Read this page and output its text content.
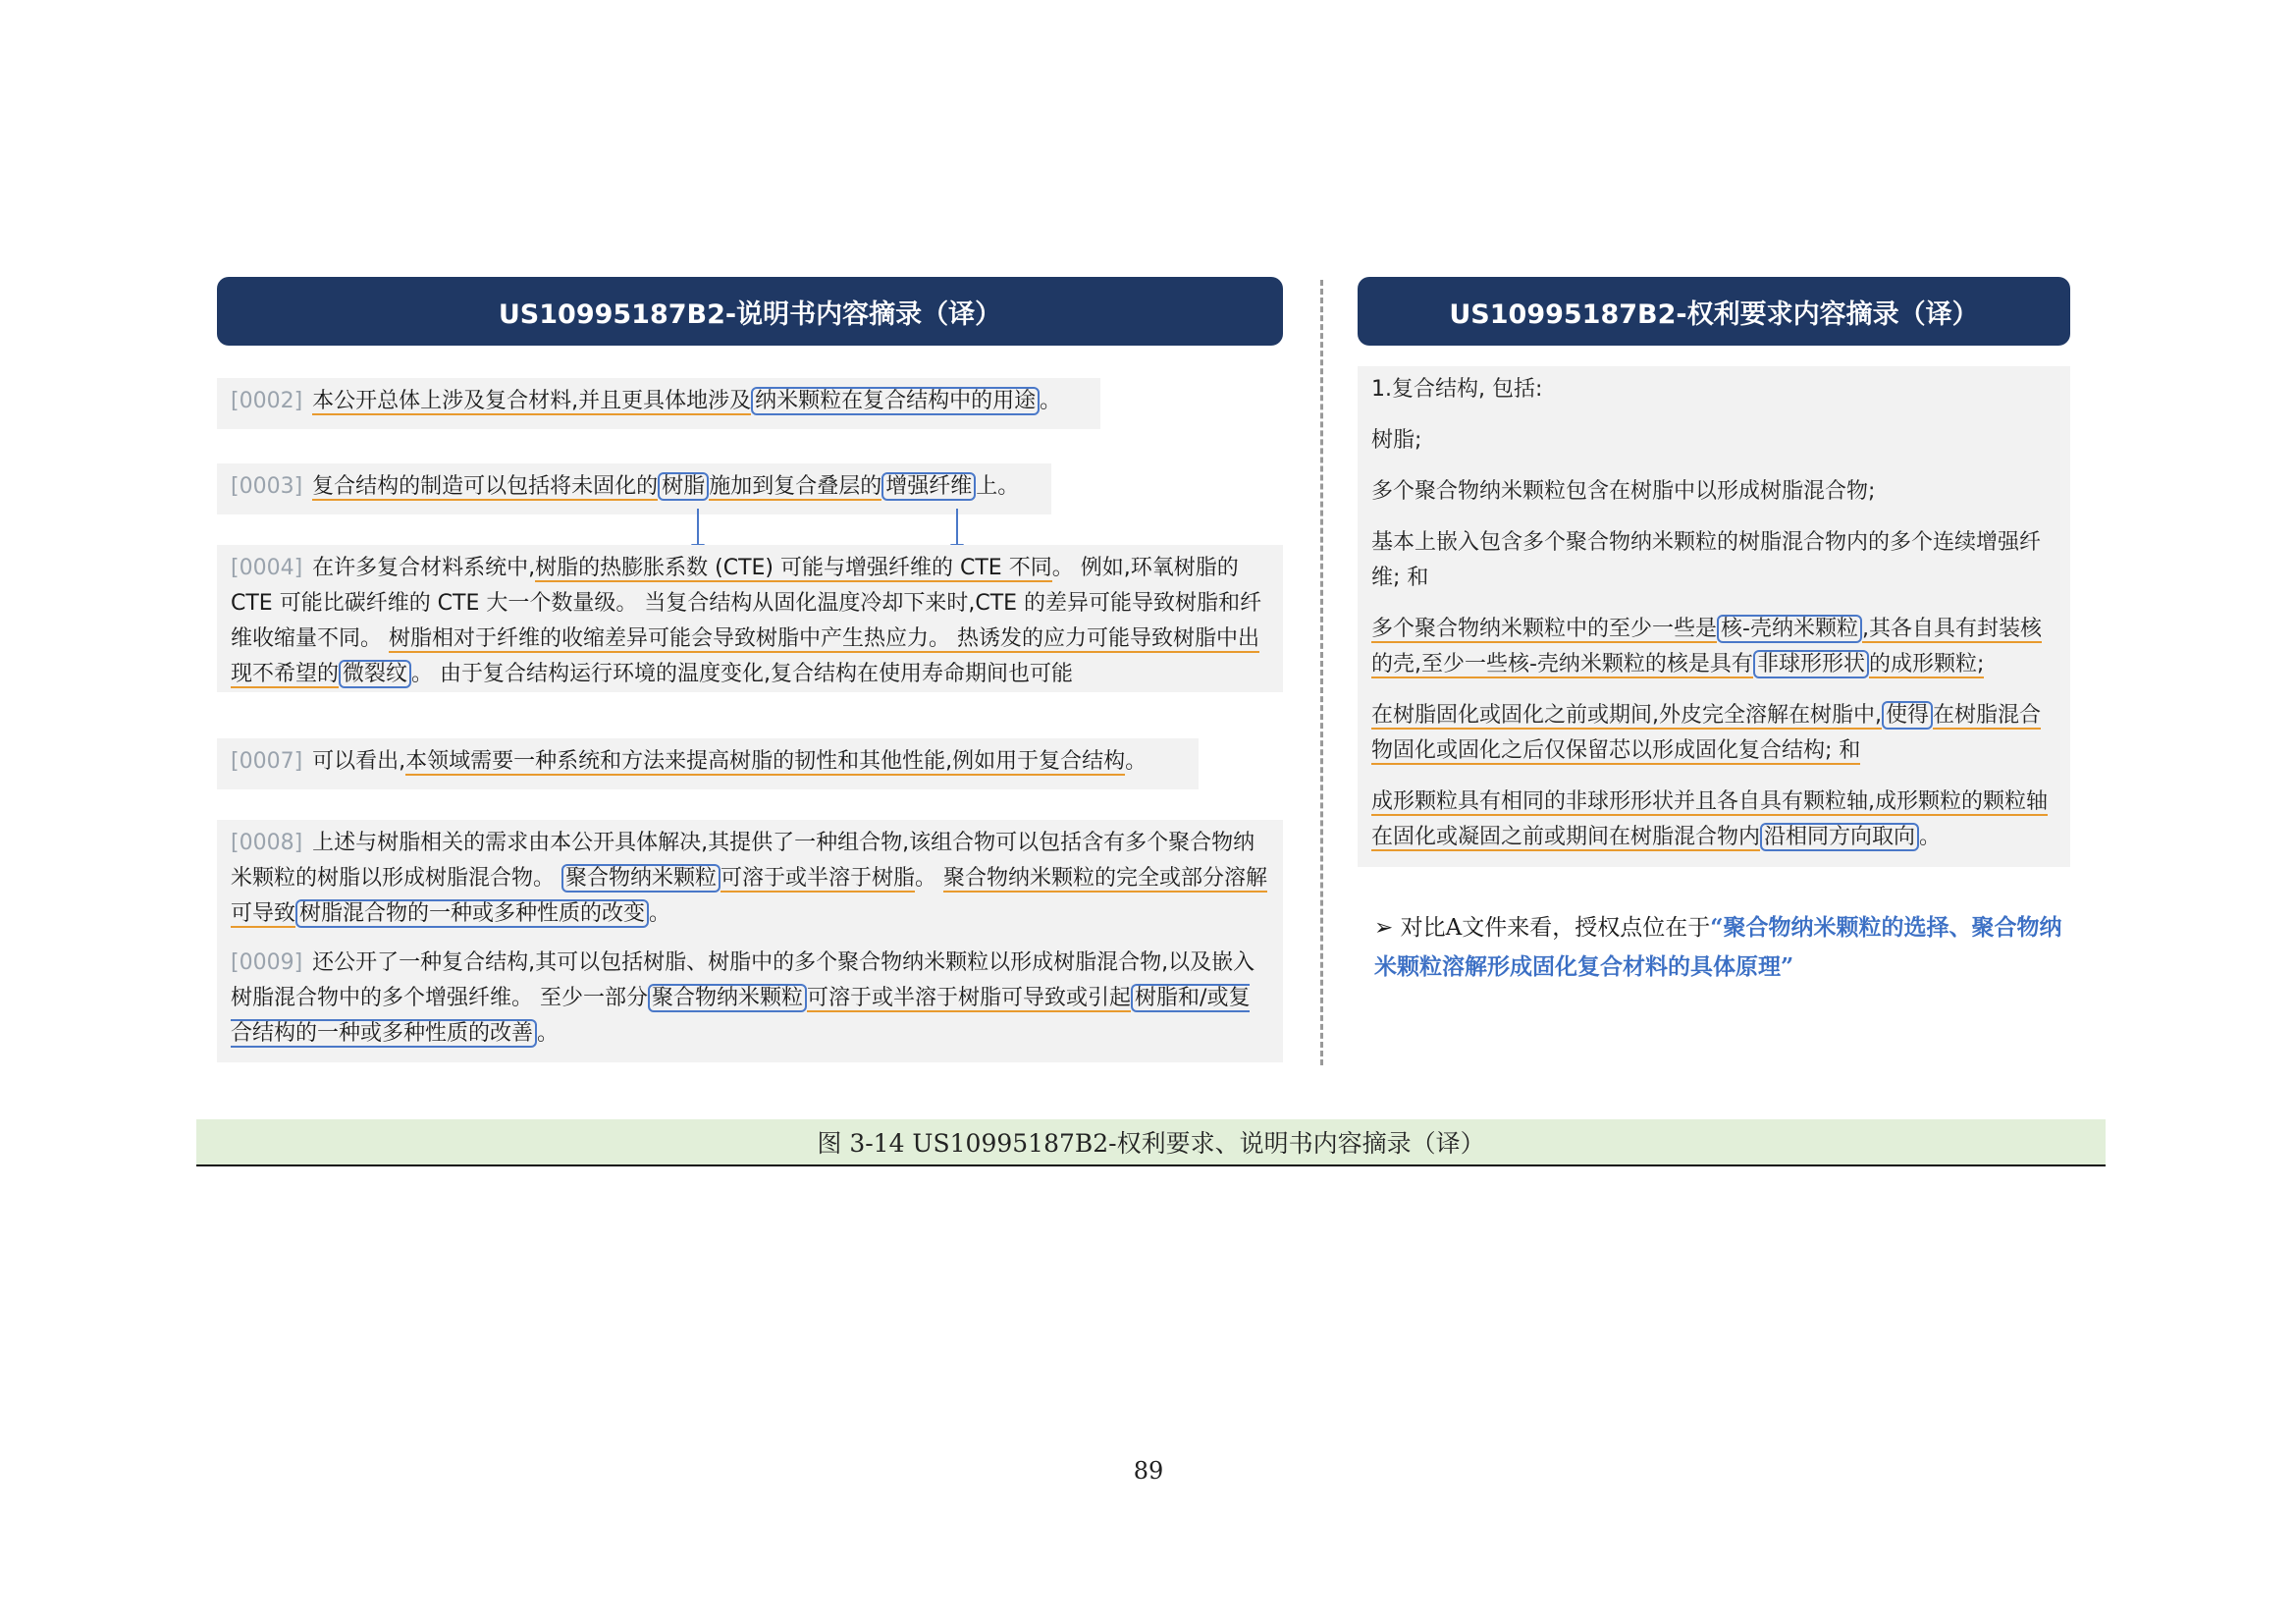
US10995187B2-说明书内容摘录（译）	US10995187B2-权利要求内容摘录（译）
[0002] 本公开总体上涉及复合材料,并且更具体地涉及 纳米颗粒在复合结构中的用途 。
[0003] 复合结构的制造可以包括将未固化的 树脂 施加到复合叠层的 增强纤维 上。
[0004] 在许多复合材料系统中,树脂的热膨胀系数 (CTE) 可能与增强纤维的 CTE 不同。 例如,环氧树脂的 CTE 可能比碳纤维的 CTE 大一个数量级。 当复合结构从固化温度冷却下来时,CTE 的差异可能导致树脂和纤维收缩量不同。 树脂相对于纤维的收缩差异可能会导致树脂中产生热应力。 热诱发的应力可能导致树脂中出现不希望的 微裂纹 。 由于复合结构运行环境的温度变化,复合结构在使用寿命期间也可能
[0007] 可以看出,本领域需要一种系统和方法来提高树脂的韧性和其他性能,例如用于复合结构。
[0008] 上述与树脂相关的需求由本公开具体解决,其提供了一种组合物,该组合物可以包括含有多个聚合物纳米颗粒的树脂以形成树脂混合物。 聚合物纳米颗粒 可溶于或半溶于树脂。 聚合物纳米颗粒的完全或部分溶解可导致 树脂混合物的一种或多种性质的改变 。
[0009] 还公开了一种复合结构,其可以包括树脂、树脂中的多个聚合物纳米颗粒以形成树脂混合物,以及嵌入树脂混合物中的多个增强纤维。 至少一部分 聚合物纳米颗粒 可溶于或半溶于树脂可导致或引起 树脂和/或复合结构的一种或多种性质的改善 。

1.复合结构, 包括:

树脂;

多个聚合物纳米颗粒包含在树脂中以形成树脂混合物;

基本上嵌入包含多个聚合物纳米颗粒的树脂混合物内的多个连续增强纤维; 和

多个聚合物纳米颗粒中的至少一些是 核-壳纳米颗粒 ,其各自具有封装核的壳,至少一些核-壳纳米颗粒的核是具有 非球形形状 的成形颗粒;

在树脂固化或固化之前或期间,外皮完全溶解在树脂中, 使得 在树脂混合物固化或固化之后仅保留芯以形成固化复合结构; 和

成形颗粒具有相同的非球形形状并且各自具有颗粒轴,成形颗粒的颗粒轴在固化或凝固之前或期间在树脂混合物内 沿相同方向取向 。

➢ 对比A文件来看，授权点位在于“聚合物纳米颗粒的选择、聚合物纳米颗粒溶解形成固化复合材料的具体原理”
图 3-14 US10995187B2-权利要求、说明书内容摘录（译）
89
